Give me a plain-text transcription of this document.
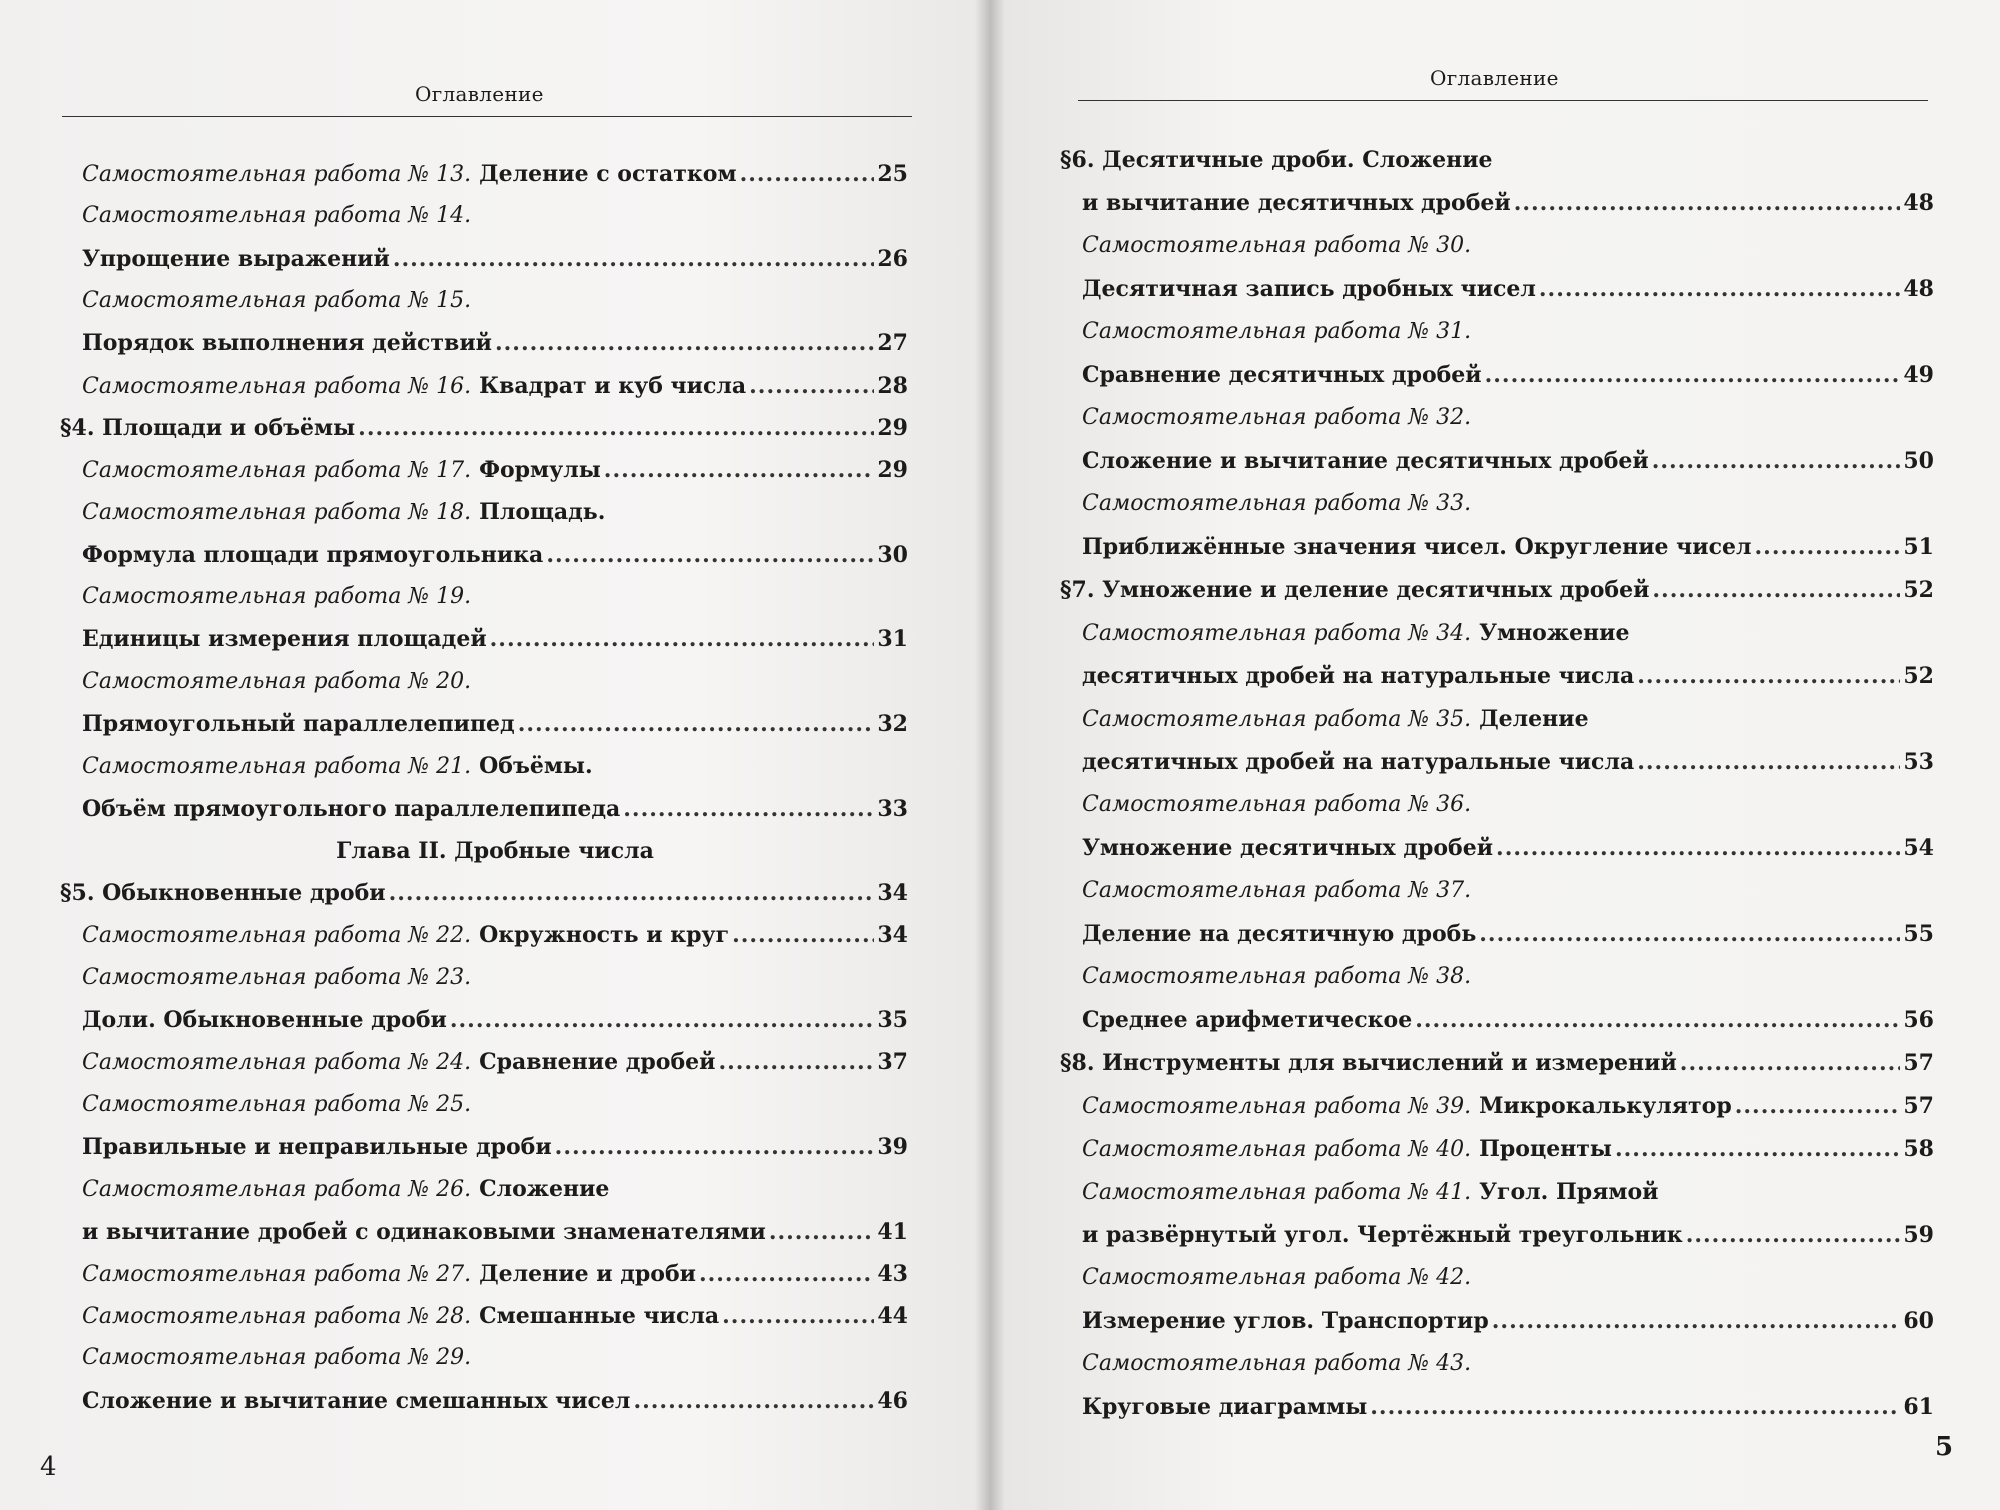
Оглавление
Самостоятельная работа № 13. Деление с остатком .....	25
Самостоятельная работа № 14.
Упрощение выражений .....	26
Самостоятельная работа № 15.
Порядок выполнения действий .....	27
Самостоятельная работа № 16. Квадрат и куб числа .....	28
§4. Площади и объёмы .....	29
Самостоятельная работа № 17. Формулы .....	29
Самостоятельная работа № 18. Площадь.
Формула площади прямоугольника .....	30
Самостоятельная работа № 19.
Единицы измерения площадей .....	31
Самостоятельная работа № 20.
Прямоугольный параллелепипед .....	32
Самостоятельная работа № 21. Объёмы.
Объём прямоугольного параллелепипеда .....	33
Глава II. Дробные числа
§5. Обыкновенные дроби .....	34
Самостоятельная работа № 22. Окружность и круг .....	34
Самостоятельная работа № 23.
Доли. Обыкновенные дроби .....	35
Самостоятельная работа № 24. Сравнение дробей .....	37
Самостоятельная работа № 25.
Правильные и неправильные дроби .....	39
Самостоятельная работа № 26. Сложение
и вычитание дробей с одинаковыми знаменателями .....	41
Самостоятельная работа № 27. Деление и дроби .....	43
Самостоятельная работа № 28. Смешанные числа .....	44
Самостоятельная работа № 29.
Сложение и вычитание смешанных чисел .....	46
4
Оглавление
§6. Десятичные дроби. Сложение
и вычитание десятичных дробей .....	48
Самостоятельная работа № 30.
Десятичная запись дробных чисел .....	48
Самостоятельная работа № 31.
Сравнение десятичных дробей .....	49
Самостоятельная работа № 32.
Сложение и вычитание десятичных дробей .....	50
Самостоятельная работа № 33.
Приближённые значения чисел. Округление чисел .....	51
§7. Умножение и деление десятичных дробей .....	52
Самостоятельная работа № 34. Умножение
десятичных дробей на натуральные числа .....	52
Самостоятельная работа № 35. Деление
десятичных дробей на натуральные числа .....	53
Самостоятельная работа № 36.
Умножение десятичных дробей .....	54
Самостоятельная работа № 37.
Деление на десятичную дробь .....	55
Самостоятельная работа № 38.
Среднее арифметическое .....	56
§8. Инструменты для вычислений и измерений .....	57
Самостоятельная работа № 39. Микрокалькулятор .....	57
Самостоятельная работа № 40. Проценты .....	58
Самостоятельная работа № 41. Угол. Прямой
и развёрнутый угол. Чертёжный треугольник .....	59
Самостоятельная работа № 42.
Измерение углов. Транспортир .....	60
Самостоятельная работа № 43.
Круговые диаграммы .....	61
5
